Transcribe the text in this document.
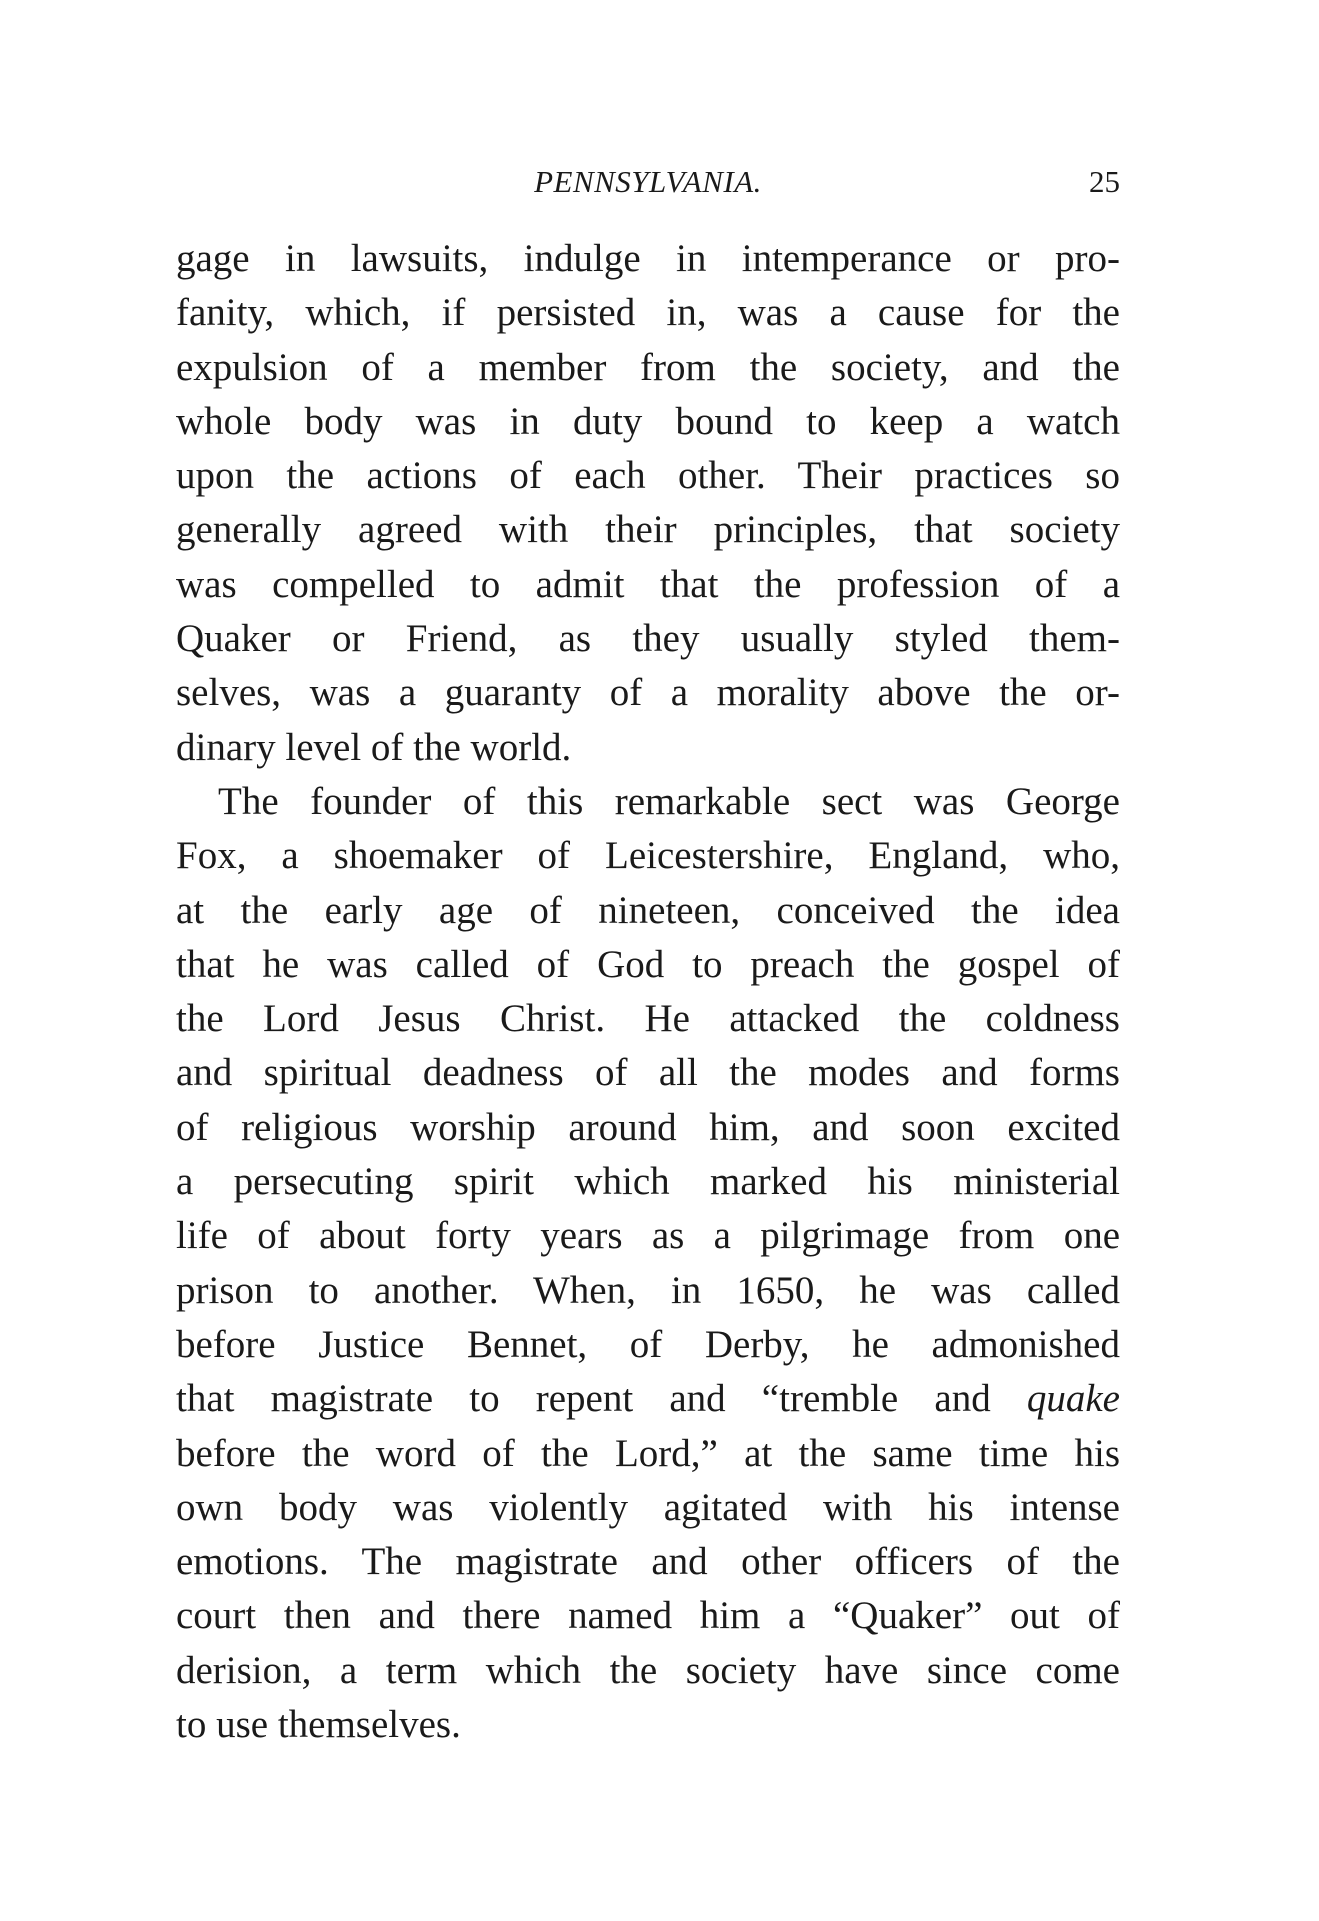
PENNSYLVANIA.	25

gage in lawsuits, indulge in intemperance or pro-
fanity, which, if persisted in, was a cause for the
expulsion of a member from the society, and the
whole body was in duty bound to keep a watch
upon the actions of each other. Their practices so
generally agreed with their principles, that society
was compelled to admit that the profession of a
Quaker or Friend, as they usually styled them-
selves, was a guaranty of a morality above the or-
dinary level of the world.

The founder of this remarkable sect was George
Fox, a shoemaker of Leicestershire, England, who,
at the early age of nineteen, conceived the idea
that he was called of God to preach the gospel of
the Lord Jesus Christ. He attacked the coldness
and spiritual deadness of all the modes and forms
of religious worship around him, and soon excited
a persecuting spirit which marked his ministerial
life of about forty years as a pilgrimage from one
prison to another. When, in 1650, he was called
before Justice Bennet, of Derby, he admonished
that magistrate to repent and “tremble and quake
before the word of the Lord,” at the same time his
own body was violently agitated with his intense
emotions. The magistrate and other officers of the
court then and there named him a “Quaker” out of
derision, a term which the society have since come
to use themselves.
